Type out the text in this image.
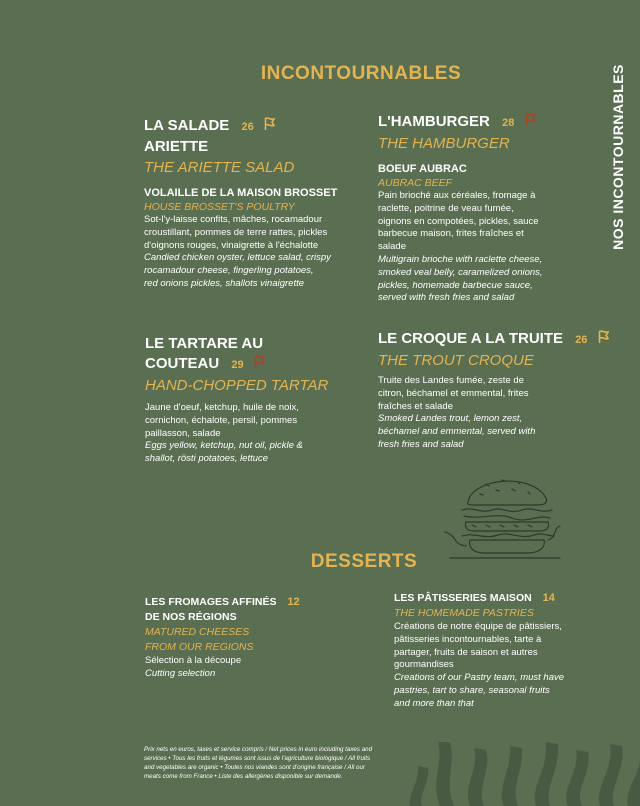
INCONTOURNABLES	NOS INCONTOURNABLES
LA SALADE 26
ARIETTE
THE ARIETTE SALAD
VOLAILLE DE LA MAISON BROSSET
HOUSE BROSSET'S POULTRY
Sot-l'y-laisse confits, mâches, rocamadour
croustillant, pommes de terre rattes, pickles
d'oignons rouges, vinaigrette à l'échalotte
Candied chicken oyster, lettuce salad, crispy
rocamadour cheese, fingerling potatoes,
red onions pickles, shallots vinaigrette
L'HAMBURGER 28
THE HAMBURGER
BOEUF AUBRAC
AUBRAC BEEF
Pain brioché aux céréales, fromage à
raclette, poitrine de veau fumée,
oignons en compotées, pickles, sauce
barbecue maison, frites fraîches et
salade
Multigrain brioche with raclette cheese,
smoked veal belly, caramelized onions,
pickles, homemade barbecue sauce,
served with fresh fries and salad
LE TARTARE AU
COUTEAU 29
HAND-CHOPPED TARTAR
Jaune d'oeuf, ketchup, huile de noix,
cornichon, échalote, persil, pommes
paillasson, salade
Eggs yellow, ketchup, nut oil, pickle &
shallot, rösti potatoes, lettuce
LE CROQUE A LA TRUITE 26
THE TROUT CROQUE
Truite des Landes fumée, zeste de
citron, béchamel et emmental, frites
fraîches et salade
Smoked Landes trout, lemon zest,
béchamel and emmental, served with
fresh fries and salad
DESSERTS
LES FROMAGES AFFINÉS 12
DE NOS RÉGIONS
MATURED CHEESES
FROM OUR REGIONS
Sélection à la découpe
Cutting selection
LES PÂTISSERIES MAISON 14
THE HOMEMADE PASTRIES
Créations de notre équipe de pâtissiers,
pâtisseries incontournables, tarte à
partager, fruits de saison et autres
gourmandises
Creations of our Pastry team, must have
pastries, tart to share, seasonal fruits
and more than that
Prix nets en euros, taxes et service compris / Net prices in euro including taxes and
services • Tous les fruits et légumes sont issus de l'agriculture biologique / All fruits
and vegetables are organic • Toutes nos viandes sont d'origine française / All our
meats come from France • Liste des allergènes disponible sur demande.
